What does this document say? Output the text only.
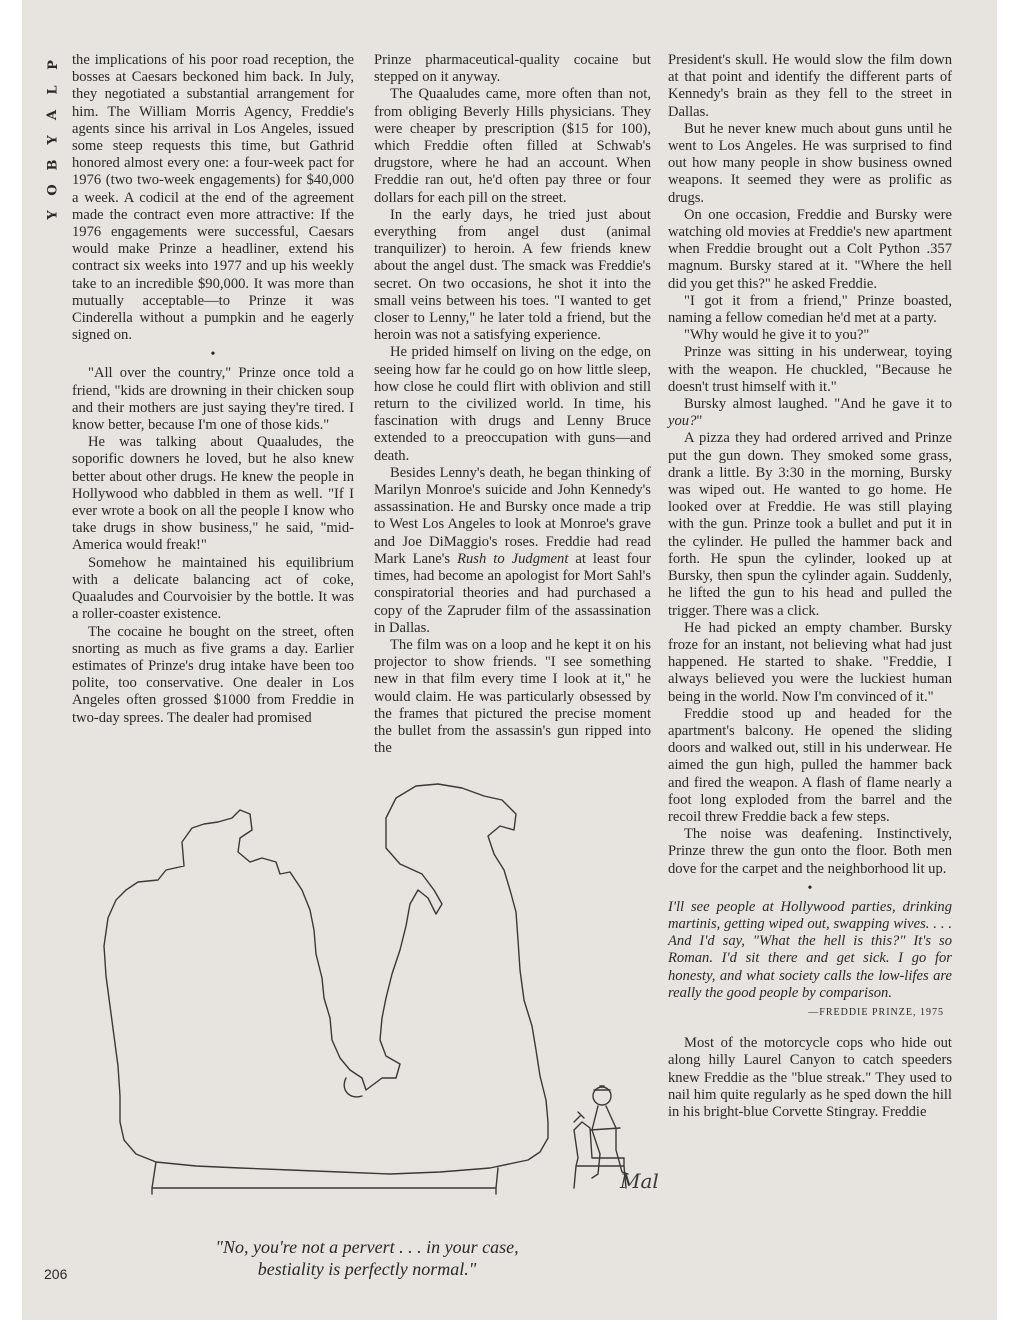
P
L
A
Y
B
O
Y

the implications of his poor road reception, the bosses at Caesars beckoned him back. In July, they negotiated a substantial arrangement for him. The William Morris Agency, Freddie's agents since his arrival in Los Angeles, issued some steep requests this time, but Gathrid honored almost every one: a four-week pact for 1976 (two two-week engagements) for $40,000 a week. A codicil at the end of the agreement made the contract even more attractive: If the 1976 engagements were successful, Caesars would make Prinze a headliner, extend his contract six weeks into 1977 and up his weekly take to an incredible $90,000. It was more than mutually acceptable—to Prinze it was Cinderella without a pumpkin and he eagerly signed on.

•

"All over the country," Prinze once told a friend, "kids are drowning in their chicken soup and their mothers are just saying they're tired. I know better, because I'm one of those kids."

He was talking about Quaaludes, the soporific downers he loved, but he also knew better about other drugs. He knew the people in Hollywood who dabbled in them as well. "If I ever wrote a book on all the people I know who take drugs in show business," he said, "mid-America would freak!"

Somehow he maintained his equilibrium with a delicate balancing act of coke, Quaaludes and Courvoisier by the bottle. It was a roller-coaster existence.

The cocaine he bought on the street, often snorting as much as five grams a day. Earlier estimates of Prinze's drug intake have been too polite, too conservative. One dealer in Los Angeles often grossed $1000 from Freddie in two-day sprees. The dealer had promised

Prinze pharmaceutical-quality cocaine but stepped on it anyway.

The Quaaludes came, more often than not, from obliging Beverly Hills physicians. They were cheaper by prescription ($15 for 100), which Freddie often filled at Schwab's drugstore, where he had an account. When Freddie ran out, he'd often pay three or four dollars for each pill on the street.

In the early days, he tried just about everything from angel dust (animal tranquilizer) to heroin. A few friends knew about the angel dust. The smack was Freddie's secret. On two occasions, he shot it into the small veins between his toes. "I wanted to get closer to Lenny," he later told a friend, but the heroin was not a satisfying experience.

He prided himself on living on the edge, on seeing how far he could go on how little sleep, how close he could flirt with oblivion and still return to the civilized world. In time, his fascination with drugs and Lenny Bruce extended to a preoccupation with guns—and death.

Besides Lenny's death, he began thinking of Marilyn Monroe's suicide and John Kennedy's assassination. He and Bursky once made a trip to West Los Angeles to look at Monroe's grave and Joe DiMaggio's roses. Freddie had read Mark Lane's Rush to Judgment at least four times, had become an apologist for Mort Sahl's conspiratorial theories and had purchased a copy of the Zapruder film of the assassination in Dallas.

The film was on a loop and he kept it on his projector to show friends. "I see something new in that film every time I look at it," he would claim. He was particularly obsessed by the frames that pictured the precise moment the bullet from the assassin's gun ripped into the

President's skull. He would slow the film down at that point and identify the different parts of Kennedy's brain as they fell to the street in Dallas.

But he never knew much about guns until he went to Los Angeles. He was surprised to find out how many people in show business owned weapons. It seemed they were as prolific as drugs.

On one occasion, Freddie and Bursky were watching old movies at Freddie's new apartment when Freddie brought out a Colt Python .357 magnum. Bursky stared at it. "Where the hell did you get this?" he asked Freddie.

"I got it from a friend," Prinze boasted, naming a fellow comedian he'd met at a party.

"Why would he give it to you?"

Prinze was sitting in his underwear, toying with the weapon. He chuckled, "Because he doesn't trust himself with it."

Bursky almost laughed. "And he gave it to you?"

A pizza they had ordered arrived and Prinze put the gun down. They smoked some grass, drank a little. By 3:30 in the morning, Bursky was wiped out. He wanted to go home. He looked over at Freddie. He was still playing with the gun. Prinze took a bullet and put it in the cylinder. He pulled the hammer back and forth. He spun the cylinder, looked up at Bursky, then spun the cylinder again. Suddenly, he lifted the gun to his head and pulled the trigger. There was a click.

He had picked an empty chamber. Bursky froze for an instant, not believing what had just happened. He started to shake. "Freddie, I always believed you were the luckiest human being in the world. Now I'm convinced of it."

Freddie stood up and headed for the apartment's balcony. He opened the sliding doors and walked out, still in his underwear. He aimed the gun high, pulled the hammer back and fired the weapon. A flash of flame nearly a foot long exploded from the barrel and the recoil threw Freddie back a few steps.

The noise was deafening. Instinctively, Prinze threw the gun onto the floor. Both men dove for the carpet and the neighborhood lit up.

•

I'll see people at Hollywood parties, drinking martinis, getting wiped out, swapping wives. . . . And I'd say, "What the hell is this?" It's so Roman. I'd sit there and get sick. I go for honesty, and what society calls the low-lifes are really the good people by comparison.

—FREDDIE PRINZE, 1975

Most of the motorcycle cops who hide out along hilly Laurel Canyon to catch speeders knew Freddie as the "blue streak." They used to nail him quite regularly as he sped down the hill in his bright-blue Corvette Stingray. Freddie

Mal
"No, you're not a pervert . . . in your case,
bestiality is perfectly normal."
206
